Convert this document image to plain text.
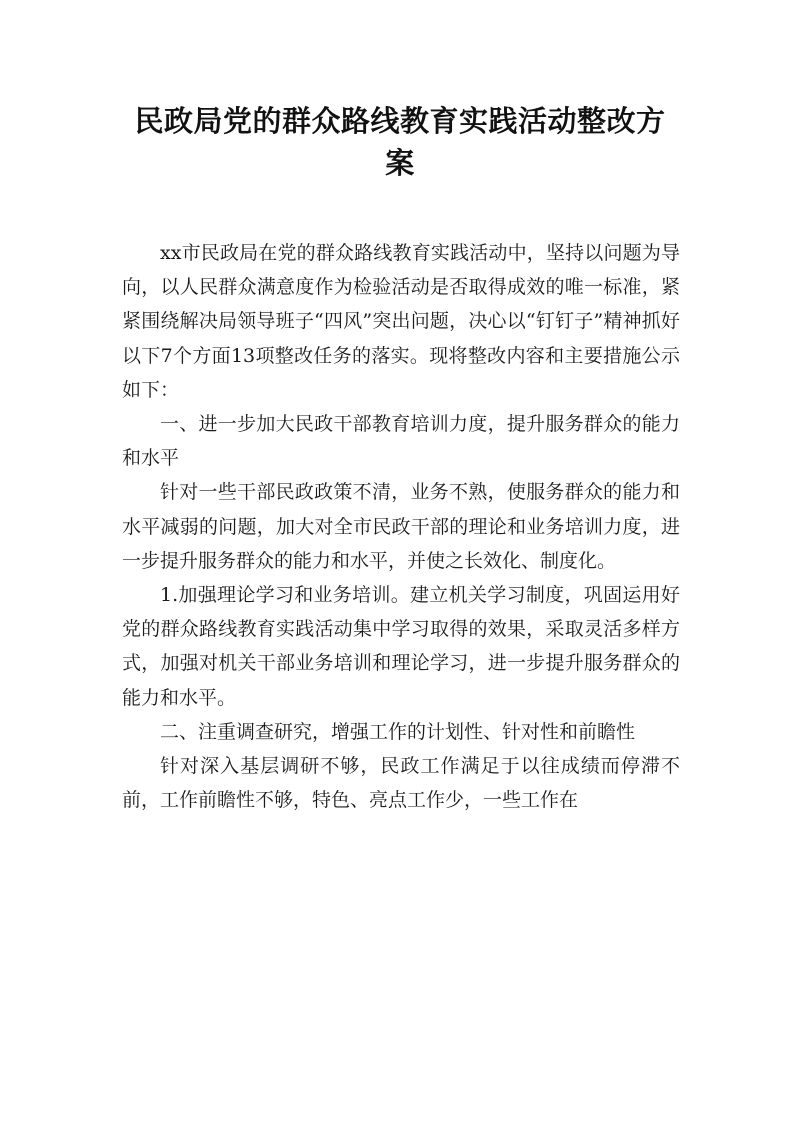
民政局党的群众路线教育实践活动整改方案

xx市民政局在党的群众路线教育实践活动中，坚持以问题为导向，以人民群众满意度作为检验活动是否取得成效的唯一标准，紧紧围绕解决局领导班子“四风”突出问题，决心以“钉钉子”精神抓好以下7个方面13项整改任务的落实。现将整改内容和主要措施公示如下：

一、进一步加大民政干部教育培训力度，提升服务群众的能力和水平

针对一些干部民政政策不清，业务不熟，使服务群众的能力和水平减弱的问题，加大对全市民政干部的理论和业务培训力度，进一步提升服务群众的能力和水平，并使之长效化、制度化。

1.加强理论学习和业务培训。建立机关学习制度，巩固运用好党的群众路线教育实践活动集中学习取得的效果，采取灵活多样方式，加强对机关干部业务培训和理论学习，进一步提升服务群众的能力和水平。

二、注重调查研究，增强工作的计划性、针对性和前瞻性

针对深入基层调研不够，民政工作满足于以往成绩而停滞不前，工作前瞻性不够，特色、亮点工作少，一些工作在
